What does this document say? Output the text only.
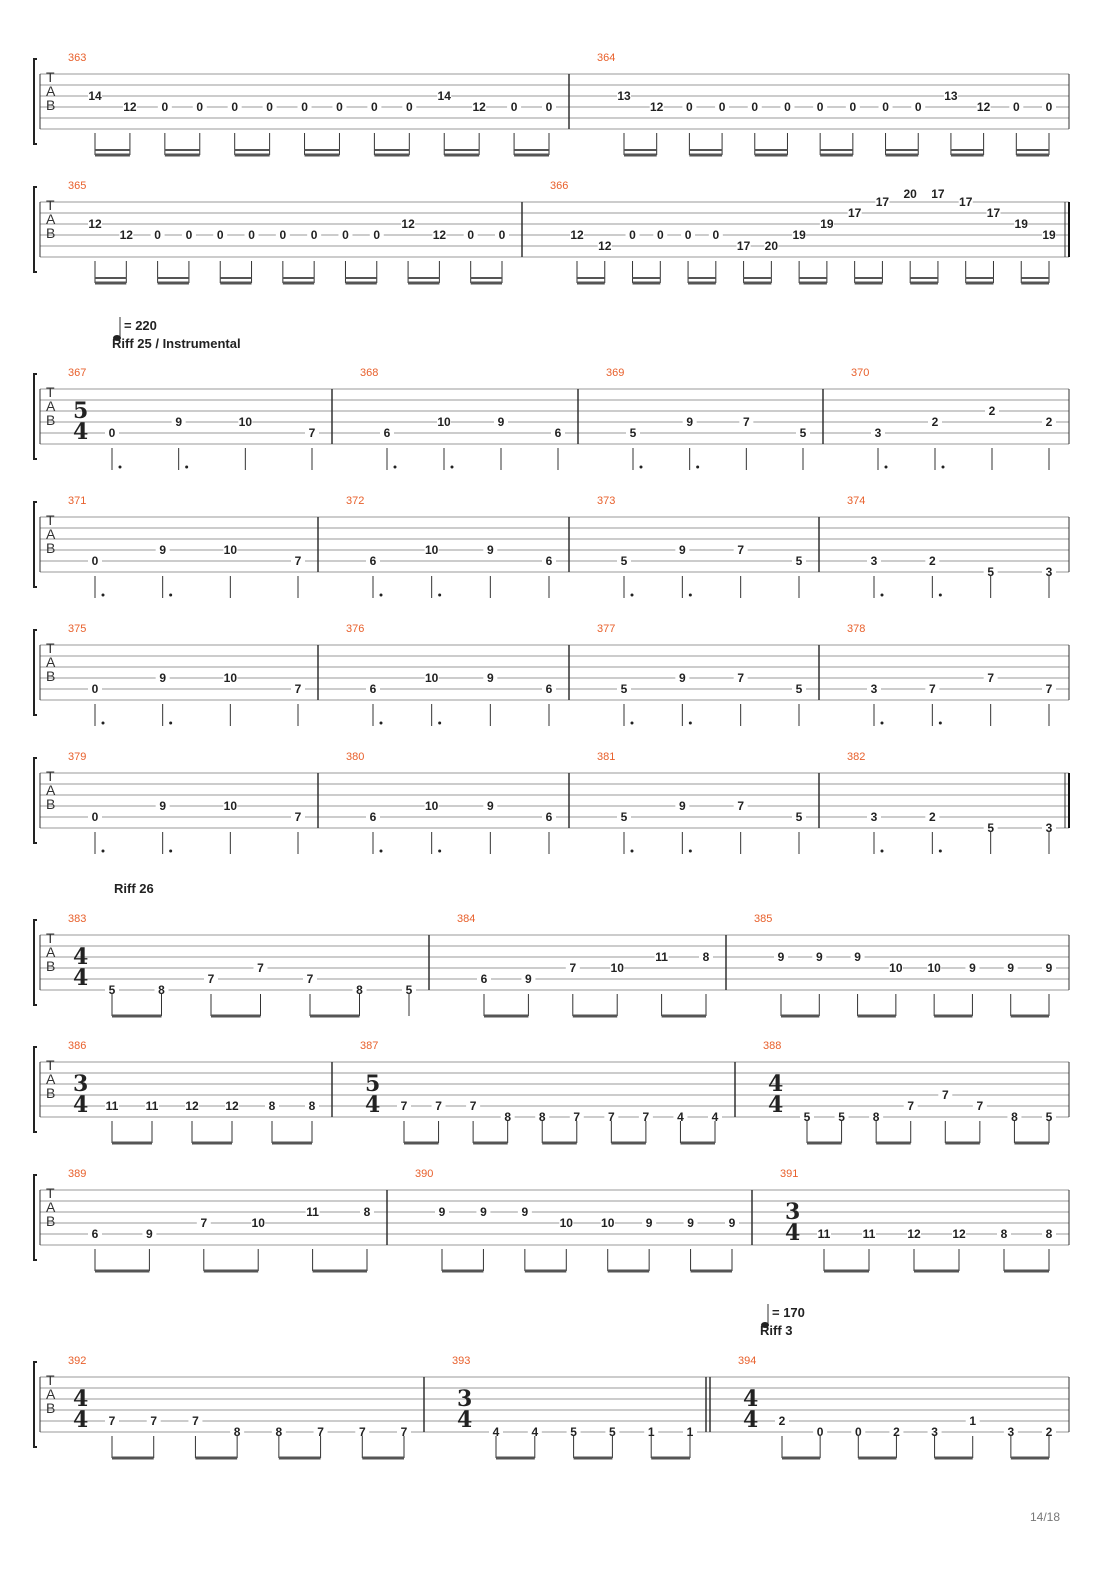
T
A
B
363
14
12 0 0 0 0 0 0 0 0
14
12 0 0
364
13
12 0 0 0 0 0 0 0 0
13
12 0 0
T
A
B
365
12
12 0 0 0 0 0 0 0 0
12
12 0 0
366
12
12
0 0 0 0
17 20
19
19
17
17
20 17
17
17
19
19
T
A
B
367
5
4 0
9	10
7
368
6
10	9
6
369
5
9	7
5
370
3
2
2
2
T
A
B
371
0
9	10
7
372
6
10	9
6
373
5
9	7
5
374
3	2
5	3
T
A
B
375
0
9	10
7
376
6
10	9
6
377
5
9	7
5
378
3	7
7
7
T
A
B
379
0
9	10
7
380
6
10	9
6
381
5
9	7
5
382
3	2
5	3
T
A
B
383
4
4 5	8
7
7
7
8	5
384
6	9
7	10
11	8
385
9	9	9
10 10 9	9	9
T
A
B
386
3
4 11 11 12 12 8	8
387
5
4 7 7 7
8 8 7 7 7 4 4
388
4
4 5 5 8
7
7
7
8 5
T
A
B
389
6	9
7	10
11	8
390
9	9	9
10 10	9	9	9
391
3
4 11	11	12	12	8	8
T
A
B
392
4
4 7	7	7
8	8	7	7	7
393
3
4 4	4	5	5	1	1
394
4
4 2
0	0	2	3
1
3	2
= 220
Riff 25 / Instrumental
= 170
Riff 3
Riff 26
14/18
